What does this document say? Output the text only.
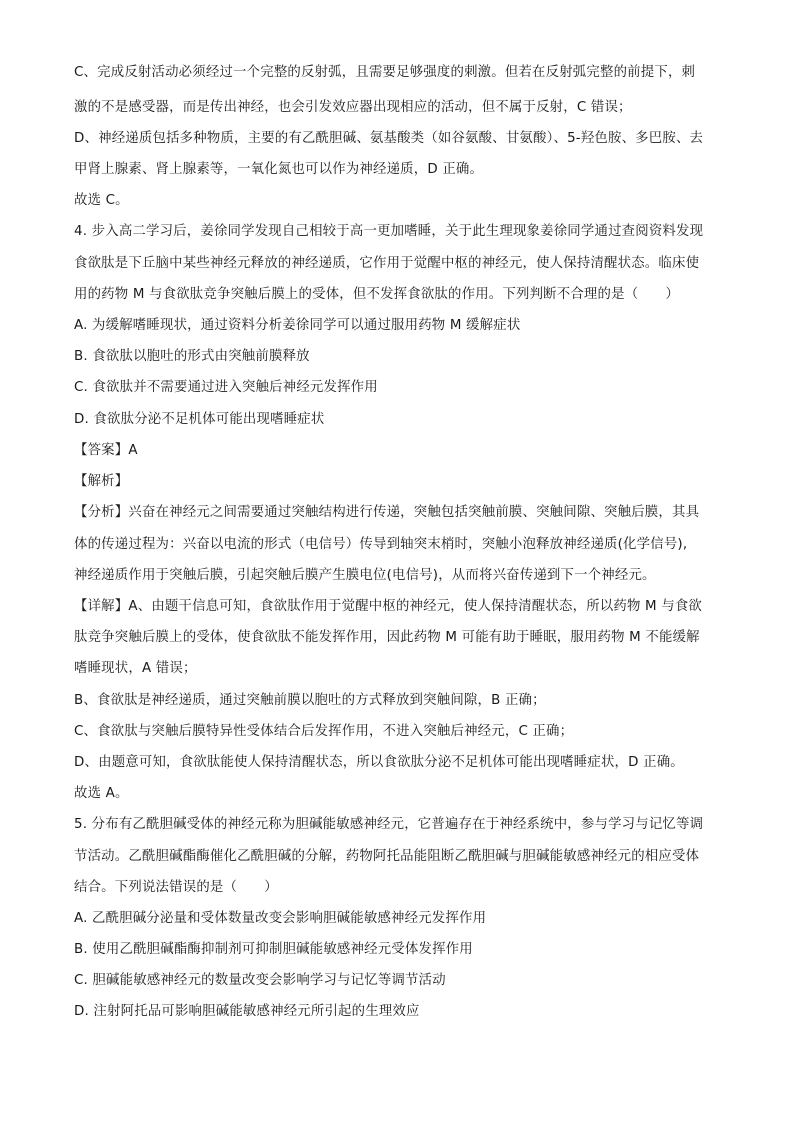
C、完成反射活动必须经过一个完整的反射弧，且需要足够强度的刺激。但若在反射弧完整的前提下，刺
激的不是感受器，而是传出神经，也会引发效应器出现相应的活动，但不属于反射，C 错误；
D、神经递质包括多种物质，主要的有乙酰胆碱、氨基酸类（如谷氨酸、甘氨酸）、5-羟色胺、多巴胺、去
甲肾上腺素、肾上腺素等，一氧化氮也可以作为神经递质，D 正确。
故选 C。
4. 步入高二学习后，姜徐同学发现自己相较于高一更加嗜睡，关于此生理现象姜徐同学通过查阅资料发现
食欲肽是下丘脑中某些神经元释放的神经递质，它作用于觉醒中枢的神经元，使人保持清醒状态。临床使
用的药物 M 与食欲肽竞争突触后膜上的受体，但不发挥食欲肽的作用。下列判断不合理的是（　　）
A. 为缓解嗜睡现状，通过资料分析姜徐同学可以通过服用药物 M 缓解症状
B. 食欲肽以胞吐的形式由突触前膜释放
C. 食欲肽并不需要通过进入突触后神经元发挥作用
D. 食欲肽分泌不足机体可能出现嗜睡症状
【答案】A
【解析】
【分析】兴奋在神经元之间需要通过突触结构进行传递，突触包括突触前膜、突触间隙、突触后膜，其具
体的传递过程为：兴奋以电流的形式（电信号）传导到轴突末梢时，突触小泡释放神经递质(化学信号),
神经递质作用于突触后膜，引起突触后膜产生膜电位(电信号)，从而将兴奋传递到下一个神经元。
【详解】A、由题干信息可知，食欲肽作用于觉醒中枢的神经元，使人保持清醒状态，所以药物 M 与食欲
肽竞争突触后膜上的受体，使食欲肽不能发挥作用，因此药物 M 可能有助于睡眠，服用药物 M 不能缓解
嗜睡现状，A 错误；
B、食欲肽是神经递质，通过突触前膜以胞吐的方式释放到突触间隙，B 正确；
C、食欲肽与突触后膜特异性受体结合后发挥作用，不进入突触后神经元，C 正确；
D、由题意可知，食欲肽能使人保持清醒状态，所以食欲肽分泌不足机体可能出现嗜睡症状，D 正确。
故选 A。
5. 分布有乙酰胆碱受体的神经元称为胆碱能敏感神经元，它普遍存在于神经系统中，参与学习与记忆等调
节活动。乙酰胆碱酯酶催化乙酰胆碱的分解，药物阿托品能阻断乙酰胆碱与胆碱能敏感神经元的相应受体
结合。下列说法错误的是（　　）
A. 乙酰胆碱分泌量和受体数量改变会影响胆碱能敏感神经元发挥作用
B. 使用乙酰胆碱酯酶抑制剂可抑制胆碱能敏感神经元受体发挥作用
C. 胆碱能敏感神经元的数量改变会影响学习与记忆等调节活动
D. 注射阿托品可影响胆碱能敏感神经元所引起的生理效应
